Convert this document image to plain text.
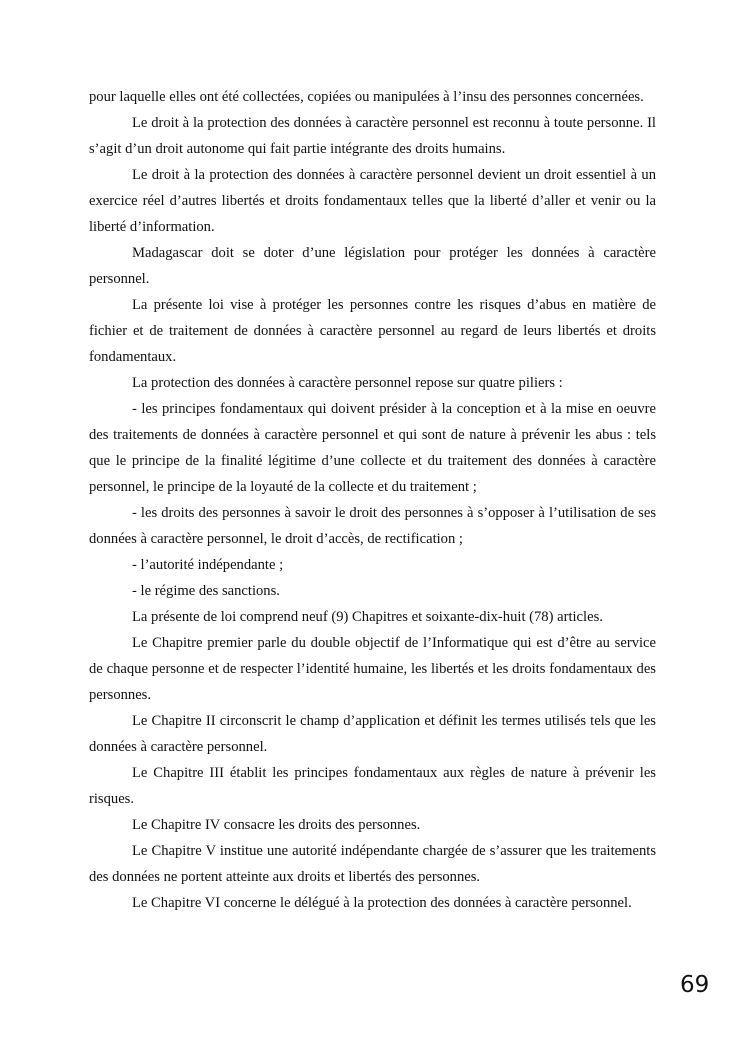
pour laquelle elles ont été collectées, copiées ou manipulées à l’insu des personnes concernées.

Le droit à la protection des données à caractère personnel est reconnu à toute personne. Il s’agit d’un droit autonome qui fait partie intégrante des droits humains.

Le droit à la protection des données à caractère personnel devient un droit essentiel à un exercice réel d’autres libertés et droits fondamentaux telles que la liberté d’aller et venir ou la liberté d’information.

Madagascar doit se doter d’une législation pour protéger les données à caractère personnel.

La présente loi vise à protéger les personnes contre les risques d’abus en matière de fichier et de traitement de données à caractère personnel au regard de leurs libertés et droits fondamentaux.

La protection des données à caractère personnel repose sur quatre piliers :

- les principes fondamentaux qui doivent présider à la conception et à la mise en oeuvre des traitements de données à caractère personnel et qui sont de nature à prévenir les abus : tels que le principe de la finalité légitime d’une collecte et du traitement des données à caractère personnel, le principe de la loyauté de la collecte et du traitement ;

- les droits des personnes à savoir le droit des personnes à s’opposer à l’utilisation de ses données à caractère personnel, le droit d’accès, de rectification ;

- l’autorité indépendante ;

- le régime des sanctions.

La présente de loi comprend neuf (9) Chapitres et soixante-dix-huit (78) articles.

Le Chapitre premier parle du double objectif de l’Informatique qui est d’être au service de chaque personne et de respecter l’identité humaine, les libertés et les droits fondamentaux des personnes.

Le Chapitre II circonscrit le champ d’application et définit les termes utilisés tels que les données à caractère personnel.

Le Chapitre III établit les principes fondamentaux aux règles de nature à prévenir les risques.

Le Chapitre IV consacre les droits des personnes.

Le Chapitre V institue une autorité indépendante chargée de s’assurer que les traitements des données ne portent atteinte aux droits et libertés des personnes.

Le Chapitre VI concerne le délégué à la protection des données à caractère personnel.

69
